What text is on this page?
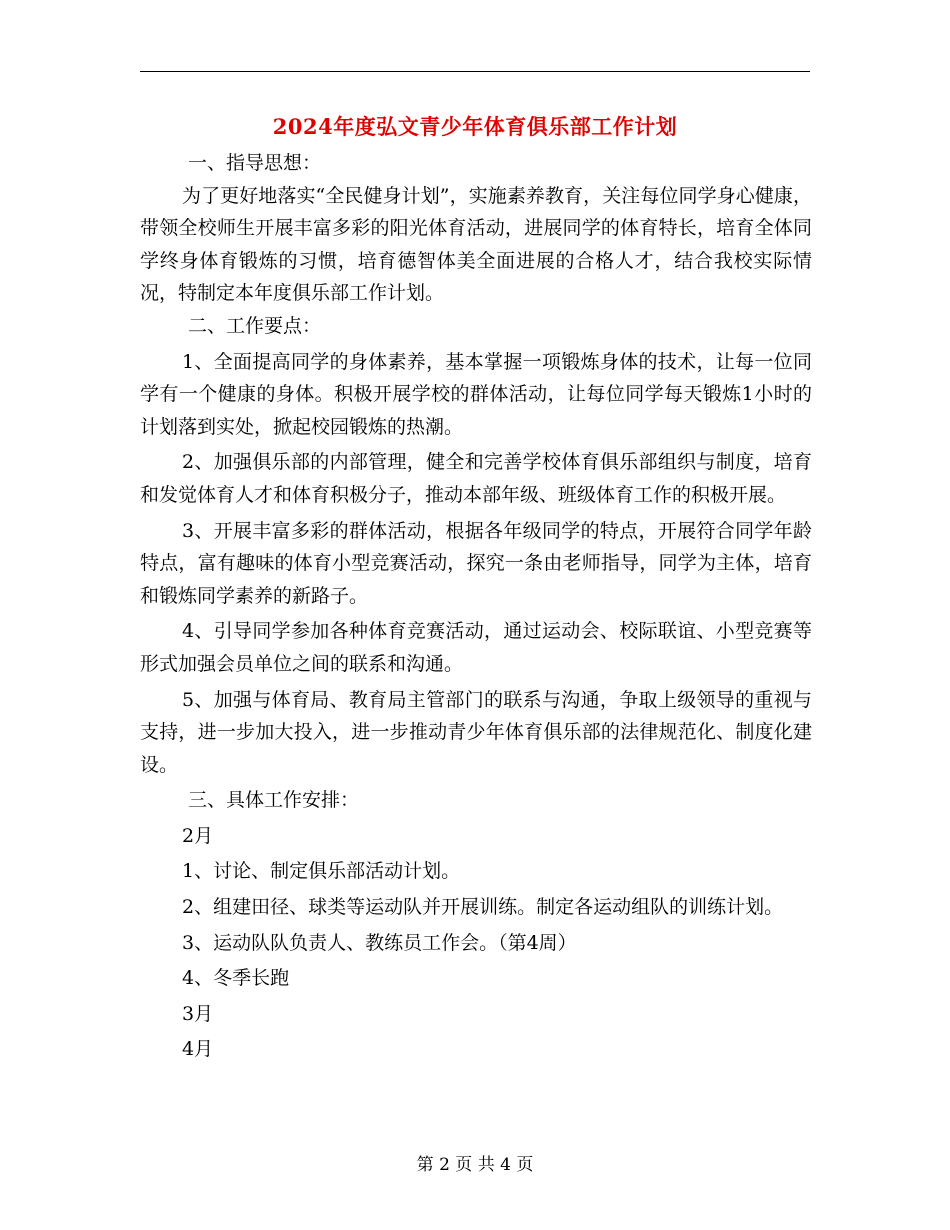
2024年度弘文青少年体育俱乐部工作计划

一、指导思想：

为了更好地落实“全民健身计划”，实施素养教育，关注每位同学身心健康，带领全校师生开展丰富多彩的阳光体育活动，进展同学的体育特长，培育全体同学终身体育锻炼的习惯，培育德智体美全面进展的合格人才，结合我校实际情况，特制定本年度俱乐部工作计划。

二、工作要点：

1、全面提高同学的身体素养，基本掌握一项锻炼身体的技术，让每一位同学有一个健康的身体。积极开展学校的群体活动，让每位同学每天锻炼1小时的计划落到实处，掀起校园锻炼的热潮。

2、加强俱乐部的内部管理，健全和完善学校体育俱乐部组织与制度，培育和发觉体育人才和体育积极分子，推动本部年级、班级体育工作的积极开展。

3、开展丰富多彩的群体活动，根据各年级同学的特点，开展符合同学年龄特点，富有趣味的体育小型竞赛活动，探究一条由老师指导，同学为主体，培育和锻炼同学素养的新路子。

4、引导同学参加各种体育竞赛活动，通过运动会、校际联谊、小型竞赛等形式加强会员单位之间的联系和沟通。

5、加强与体育局、教育局主管部门的联系与沟通，争取上级领导的重视与支持，进一步加大投入，进一步推动青少年体育俱乐部的法律规范化、制度化建设。

三、具体工作安排：

2月

1、讨论、制定俱乐部活动计划。

2、组建田径、球类等运动队并开展训练。制定各运动组队的训练计划。

3、运动队队负责人、教练员工作会。（第4周）

4、冬季长跑

3月

4月

第 2 页 共 4 页
